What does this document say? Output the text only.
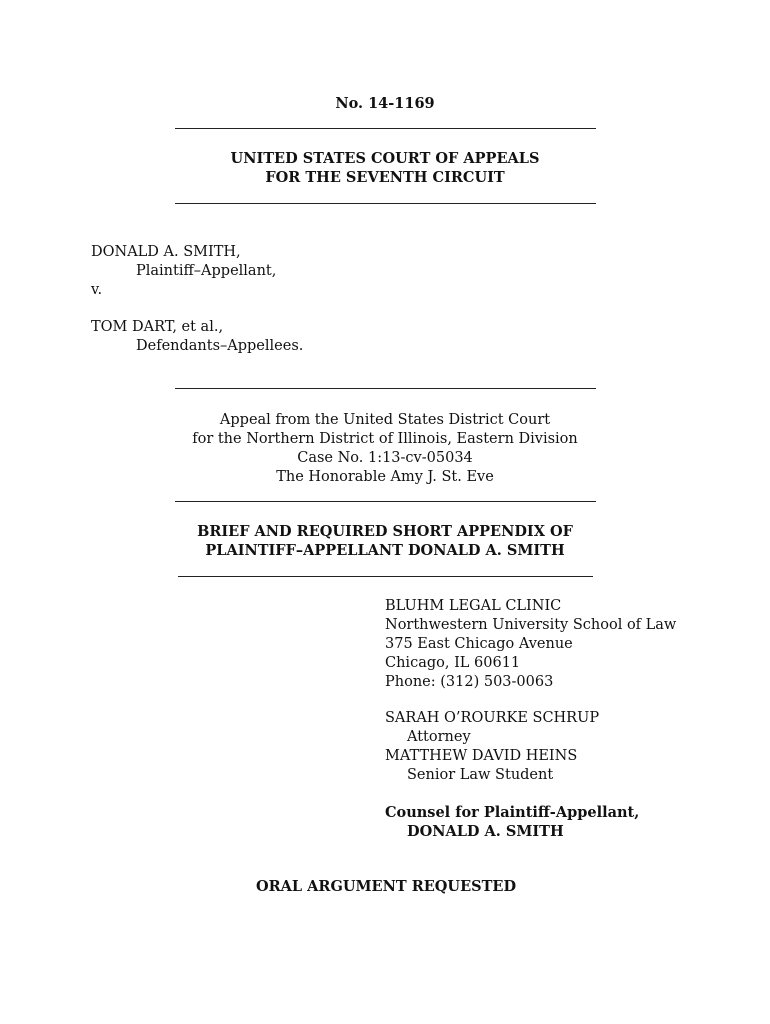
No. 14-1169
UNITED STATES COURT OF APPEALS
FOR THE SEVENTH CIRCUIT
DONALD A. SMITH,
Plaintiff–Appellant,
v.
TOM DART, et al.,
Defendants–Appellees.
Appeal from the United States District Court
for the Northern District of Illinois, Eastern Division
Case No. 1:13-cv-05034
The Honorable Amy J. St. Eve
BRIEF AND REQUIRED SHORT APPENDIX OF
PLAINTIFF–APPELLANT DONALD A. SMITH
BLUHM LEGAL CLINIC
Northwestern University School of Law
375 East Chicago Avenue
Chicago, IL 60611
Phone: (312) 503-0063
SARAH O’ROURKE SCHRUP
Attorney
MATTHEW DAVID HEINS
Senior Law Student
Counsel for Plaintiff-Appellant,
DONALD A. SMITH
ORAL ARGUMENT REQUESTED
